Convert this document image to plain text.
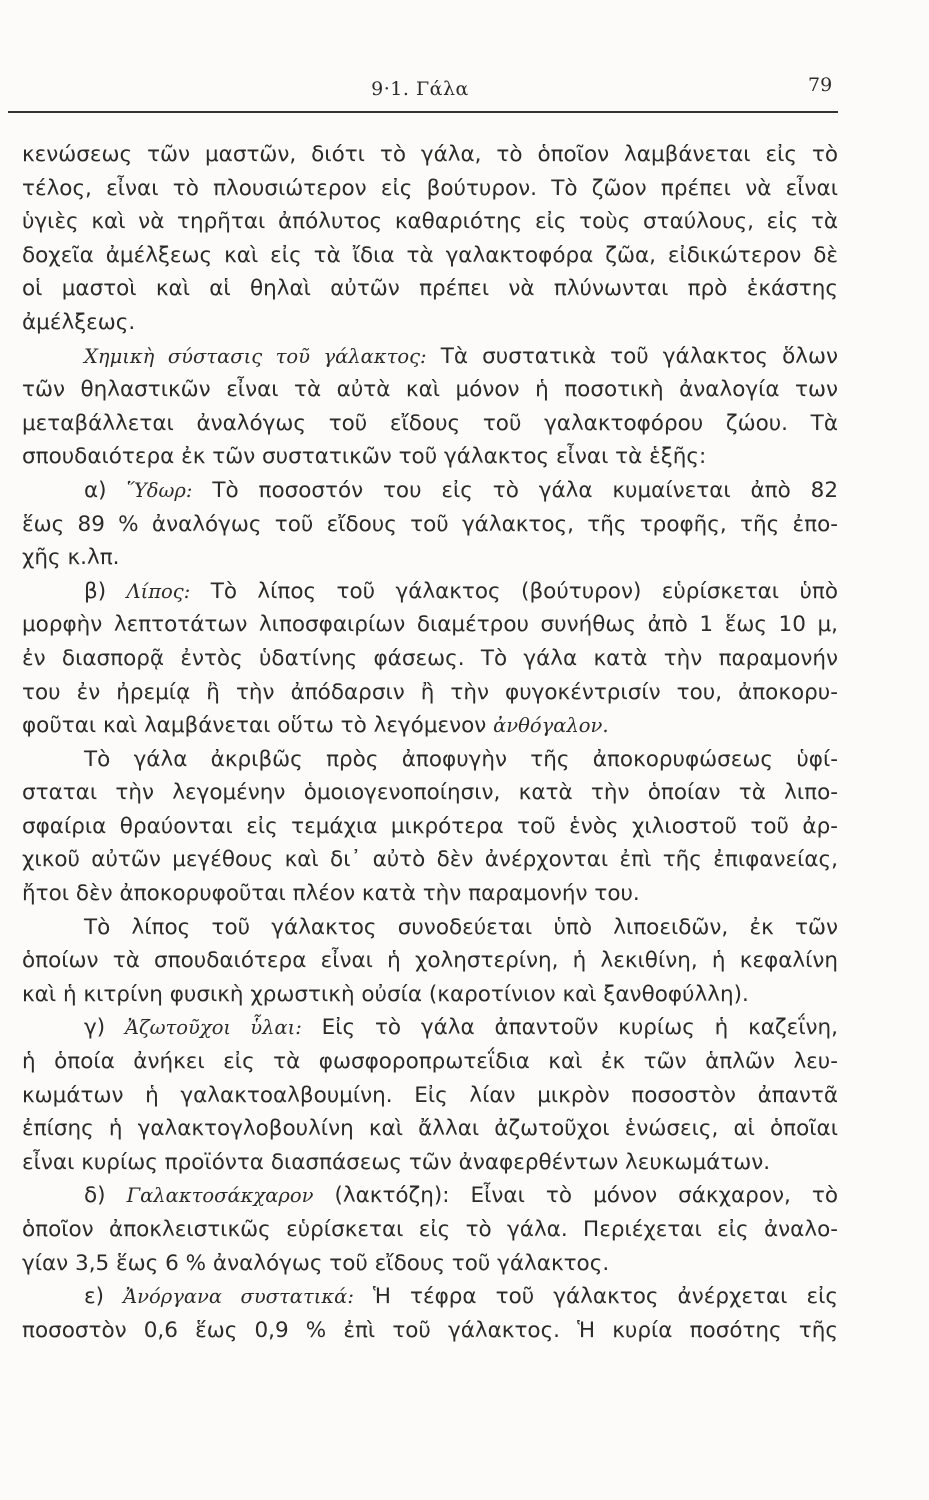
9·1. Γάλα	79
κενώσεως τῶν μαστῶν, διότι τὸ γάλα, τὸ ὁποῖον λαμβάνεται εἰς τὸ
τέλος, εἶναι τὸ πλουσιώτερον εἰς βούτυρον. Τὸ ζῶον πρέπει νὰ εἶναι
ὑγιὲς καὶ νὰ τηρῆται ἀπόλυτος καθαριότης εἰς τοὺς σταύλους, εἰς τὰ
δοχεῖα ἀμέλξεως καὶ εἰς τὰ ἴδια τὰ γαλακτοφόρα ζῶα, εἰδικώτερον δὲ
οἱ μαστοὶ καὶ αἱ θηλαὶ αὐτῶν πρέπει νὰ πλύνωνται πρὸ ἑκάστης
ἀμέλξεως.
Χημικὴ σύστασις τοῦ γάλακτος: Τὰ συστατικὰ τοῦ γάλακτος ὅλων
τῶν θηλαστικῶν εἶναι τὰ αὐτὰ καὶ μόνον ἡ ποσοτικὴ ἀναλογία των
μεταβάλλεται ἀναλόγως τοῦ εἴδους τοῦ γαλακτοφόρου ζώου. Τὰ
σπουδαιότερα ἐκ τῶν συστατικῶν τοῦ γάλακτος εἶναι τὰ ἑξῆς:
α) Ὕδωρ: Τὸ ποσοστόν του εἰς τὸ γάλα κυμαίνεται ἀπὸ 82
ἕως 89 % ἀναλόγως τοῦ εἴδους τοῦ γάλακτος, τῆς τροφῆς, τῆς ἐπο-
χῆς κ.λπ.
β) Λίπος: Τὸ λίπος τοῦ γάλακτος (βούτυρον) εὑρίσκεται ὑπὸ
μορφὴν λεπτοτάτων λιποσφαιρίων διαμέτρου συνήθως ἀπὸ 1 ἕως 10 μ,
ἐν διασπορᾷ ἐντὸς ὑδατίνης φάσεως. Τὸ γάλα κατὰ τὴν παραμονήν
του ἐν ἠρεμίᾳ ἢ τὴν ἀπόδαρσιν ἢ τὴν φυγοκέντρισίν του, ἀποκορυ-
φοῦται καὶ λαμβάνεται οὕτω τὸ λεγόμενον ἀνθόγαλον.
Τὸ γάλα ἀκριβῶς πρὸς ἀποφυγὴν τῆς ἀποκορυφώσεως ὑφί-
σταται τὴν λεγομένην ὁμοιογενοποίησιν, κατὰ τὴν ὁποίαν τὰ λιπο-
σφαίρια θραύονται εἰς τεμάχια μικρότερα τοῦ ἑνὸς χιλιοστοῦ τοῦ ἀρ-
χικοῦ αὐτῶν μεγέθους καὶ δι᾽ αὐτὸ δὲν ἀνέρχονται ἐπὶ τῆς ἐπιφανείας,
ἤτοι δὲν ἀποκορυφοῦται πλέον κατὰ τὴν παραμονήν του.
Τὸ λίπος τοῦ γάλακτος συνοδεύεται ὑπὸ λιποειδῶν, ἐκ τῶν
ὁποίων τὰ σπουδαιότερα εἶναι ἡ χοληστερίνη, ἡ λεκιθίνη, ἡ κεφαλίνη
καὶ ἡ κιτρίνη φυσικὴ χρωστικὴ οὐσία (καροτίνιον καὶ ξανθοφύλλη).
γ) Ἀζωτοῦχοι ὗλαι: Εἰς τὸ γάλα ἀπαντοῦν κυρίως ἡ καζεΐνη,
ἡ ὁποία ἀνήκει εἰς τὰ φωσφοροπρωτεΐδια καὶ ἐκ τῶν ἁπλῶν λευ-
κωμάτων ἡ γαλακτοαλβουμίνη. Εἰς λίαν μικρὸν ποσοστὸν ἀπαντᾶ
ἐπίσης ἡ γαλακτογλοβουλίνη καὶ ἄλλαι ἀζωτοῦχοι ἑνώσεις, αἱ ὁποῖαι
εἶναι κυρίως προϊόντα διασπάσεως τῶν ἀναφερθέντων λευκωμάτων.
δ) Γαλακτοσάκχαρον (λακτόζη): Εἶναι τὸ μόνον σάκχαρον, τὸ
ὁποῖον ἀποκλειστικῶς εὑρίσκεται εἰς τὸ γάλα. Περιέχεται εἰς ἀναλο-
γίαν 3,5 ἕως 6 % ἀναλόγως τοῦ εἴδους τοῦ γάλακτος.
ε) Ἀνόργανα συστατικά: Ἡ τέφρα τοῦ γάλακτος ἀνέρχεται εἰς
ποσοστὸν 0,6 ἕως 0,9 % ἐπὶ τοῦ γάλακτος. Ἡ κυρία ποσότης τῆς
